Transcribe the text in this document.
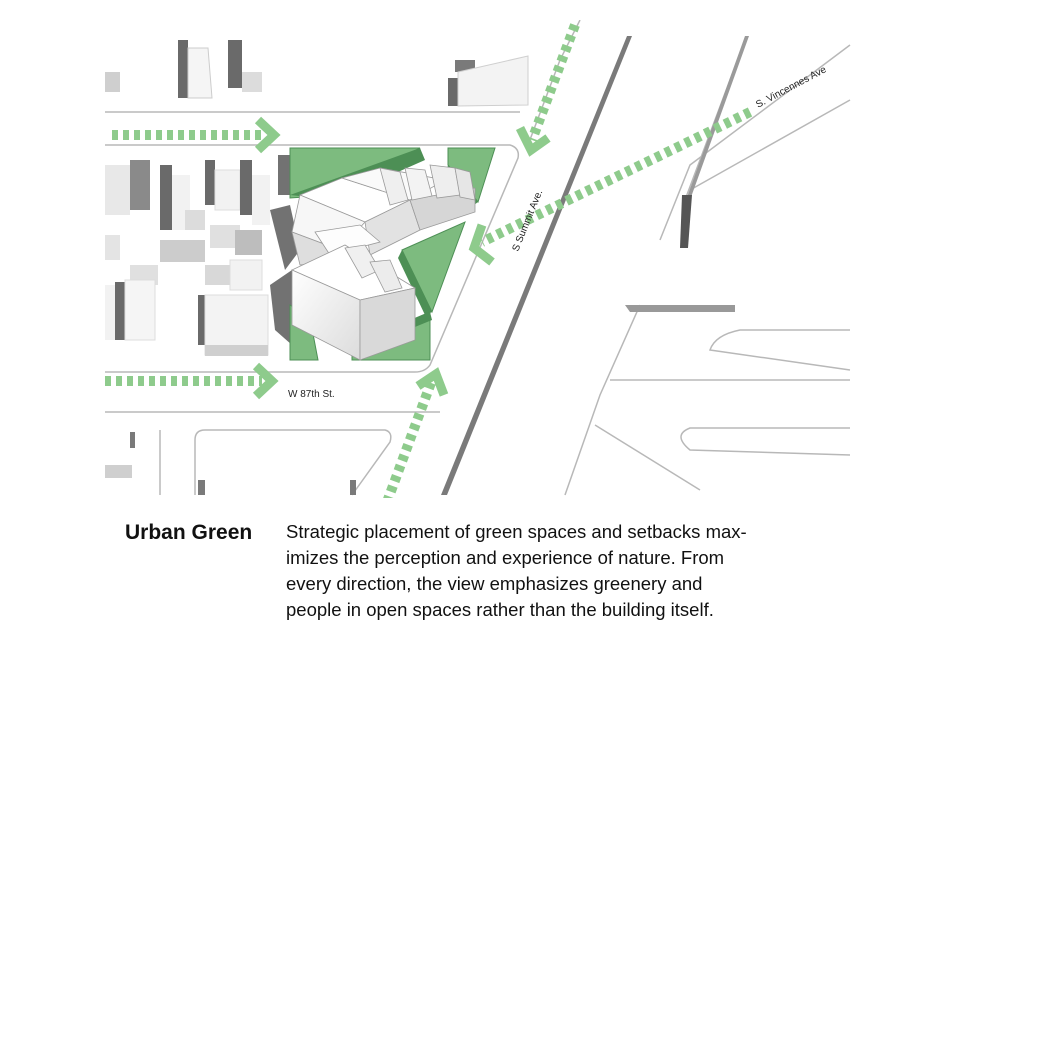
S. Vincennes Ave
S Summit Ave.
W 87th St.
Urban Green Strategic placement of green spaces and setbacks max-
imizes the perception and experience of nature. From
every direction, the view emphasizes greenery and
people in open spaces rather than the building itself.
